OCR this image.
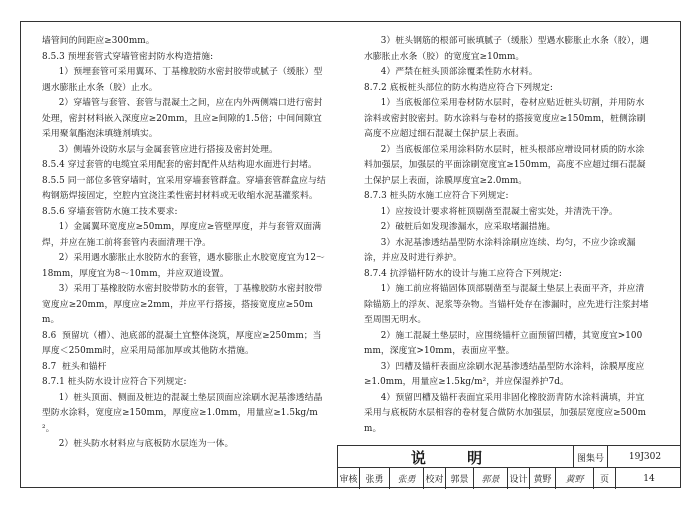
墙管间的间距应≥300mm。

8.5.3 预埋套管式穿墙管密封防水构造措施:

1）预埋套管可采用翼环、丁基橡胶防水密封胶带或腻子（缓胀）型遇水膨胀止水条（胶）止水。

2）穿墙管与套管、套管与混凝土之间，应在内外两侧端口进行密封处理，密封材料嵌入深度应≥20mm，且应≥间隙的1.5倍；中间间隙宜采用聚氧酯泡沫填缝剂填实。

3）侧墙外设防水层与金属套管应进行搭接及密封处理。

8.5.4 穿过套管的电缆宜采用配套的密封配件从结构迎水面进行封堵。

8.5.5 同一部位多管穿墙时，宜采用穿墙套管群盒。穿墙套管群盒应与结构钢筋焊接固定，空腔内宜浇注柔性密封材料或无收缩水泥基灌浆料。

8.5.6 穿墙套管防水施工技术要求:

1）金属翼环宽度应≥50mm，厚度应≥管壁厚度，并与套管双面满焊，并应在施工前将套管内表面清理干净。

2）采用遇水膨胀止水胶防水的套管，遇水膨胀止水胶宽度宜为12～18mm，厚度宜为8～10mm，并应双道设置。

3）采用丁基橡胶防水密封胶带防水的套管，丁基橡胶防水密封胶带宽度应≥20mm，厚度应≥2mm，并应平行搭接，搭接宽度应≥50mm。

8.6  预留坑（槽）、池底部的混凝土宜整体浇筑，厚度应≥250mm；当厚度＜250mm时，应采用局部加厚或其他防水措施。

8.7  桩头和锚杆

8.7.1 桩头防水设计应符合下列规定:

1）桩头顶面、侧面及桩边的混凝土垫层顶面应涂刷水泥基渗透结晶型防水涂料，宽度应≥150mm，厚度应≥1.0mm，用量应≥1.5kg/m²。

2）桩头防水材料应与底板防水层连为一体。

3）桩头钢筋的根部可嵌填腻子（缓胀）型遇水膨胀止水条（胶），遇水膨胀止水条（胶）的宽度宜≥10mm。

4）严禁在桩头顶部涂覆柔性防水材料。

8.7.2 底板桩头部位的防水构造应符合下列规定:

1）当底板部位采用卷材防水层时，卷材应贴近桩头切割，并用防水涂料或密封胶密封。防水涂料与卷材的搭接宽度应≥150mm，桩侧涂刷高度不应超过细石混凝土保护层上表面。

2）当底板部位采用涂料防水层时，桩头根部应增设同材质的防水涂料加强层，加强层的平面涂刷宽度宜≥150mm，高度不应超过细石混凝土保护层上表面，涂膜厚度宜≥2.0mm。

8.7.3 桩头防水施工应符合下列规定:

1）应按设计要求将桩顶剔凿至混凝土密实处，并清洗干净。

2）破桩后如发现渗漏水，应采取堵漏措施。

3）水泥基渗透结晶型防水涂料涂刷应连续、均匀，不应少涂或漏涂，并应及时进行养护。

8.7.4 抗浮锚杆防水的设计与施工应符合下列规定:

1）施工前应将锚固体顶部剔凿至与混凝土垫层上表面平齐，并应清除锚筋上的浮灰、泥浆等杂物。当锚杆处存在渗漏时，应先进行注浆封堵至周围无明水。

2）施工混凝土垫层时，应围绕锚杆立面预留凹槽，其宽度宜>100 mm，深度宜>10mm，表面应平整。

3）凹槽及锚杆表面应涂刷水泥基渗透结晶型防水涂料，涂膜厚度应≥1.0mm，用量应≥1.5kg/m²，并应保湿养护7d。

4）预留凹槽及锚杆表面宜采用非固化橡胶沥青防水涂料满填，并宜采用与底板防水层相容的卷材复合做防水加强层，加强层宽度应≥500mm。

说 明	图集号	19J302
审核 张勇	张勇	校对 郭景	郭景	设计 黄野	黄野	页	14
